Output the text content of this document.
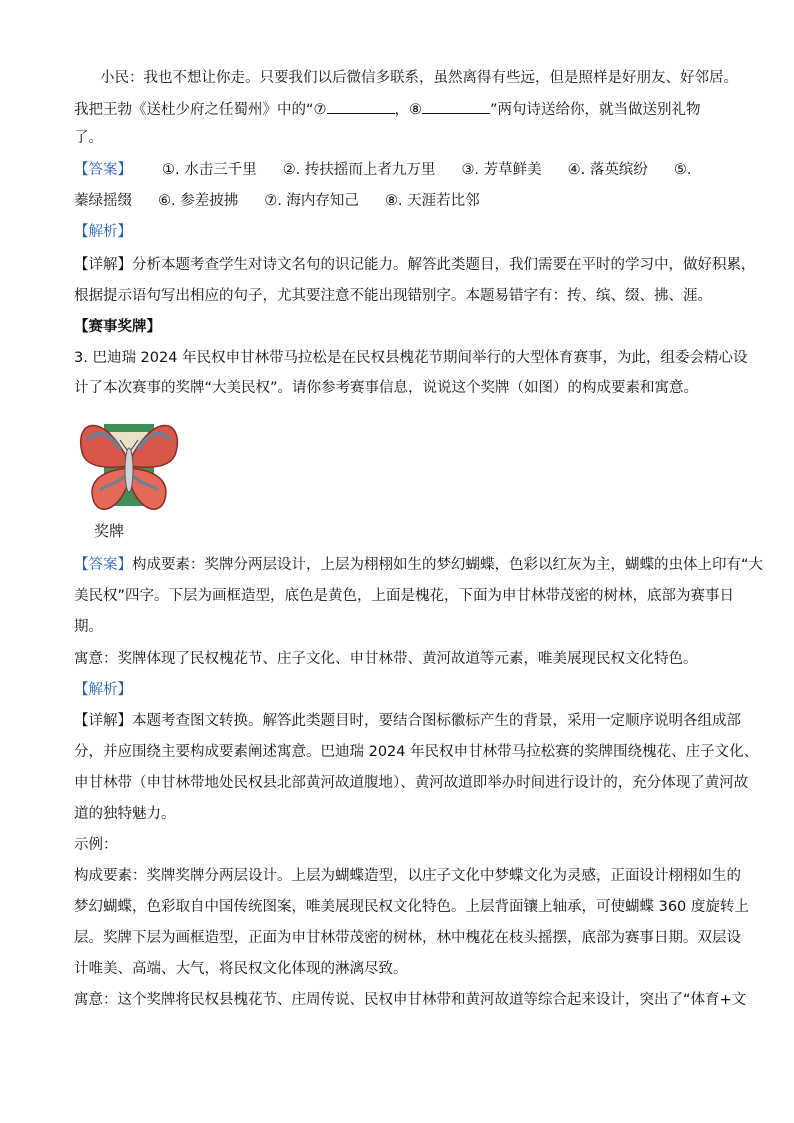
小民：我也不想让你走。只要我们以后微信多联系，虽然离得有些远，但是照样是好朋友、好邻居。
我把王勃《送杜少府之任蜀州》中的“⑦	，⑧	”两句诗送给你，就当做送别礼物
了。
【答案】 ①. 水击三千里 ②. 抟扶摇而上者九万里 ③. 芳草鲜美 ④. 落英缤纷 ⑤.
蓁绿摇缀 ⑥. 参差披拂 ⑦. 海内存知己 ⑧. 天涯若比邻
【解析】
【详解】分析本题考查学生对诗文名句的识记能力。解答此类题目，我们需要在平时的学习中，做好积累，
根据提示语句写出相应的句子，尤其要注意不能出现错别字。本题易错字有：抟、缤、缀、拂、涯。
【赛事奖牌】
3. 巴迪瑞 2024 年民权申甘林带马拉松是在民权县槐花节期间举行的大型体育赛事，为此，组委会精心设
计了本次赛事的奖牌“大美民权”。请你参考赛事信息，说说这个奖牌（如图）的构成要素和寓意。
奖牌
【答案】构成要素：奖牌分两层设计，上层为栩栩如生的梦幻蝴蝶，色彩以红灰为主，蝴蝶的虫体上印有“大
美民权”四字。下层为画框造型，底色是黄色，上面是槐花，下面为申甘林带茂密的树林，底部为赛事日
期。
寓意：奖牌体现了民权槐花节、庄子文化、申甘林带、黄河故道等元素，唯美展现民权文化特色。
【解析】
【详解】本题考查图文转换。解答此类题目时，要结合图标徽标产生的背景，采用一定顺序说明各组成部
分，并应围绕主要构成要素阐述寓意。巴迪瑞 2024 年民权申甘林带马拉松赛的奖牌围绕槐花、庄子文化、
申甘林带（申甘林带地处民权县北部黄河故道腹地）、黄河故道即举办时间进行设计的，充分体现了黄河故
道的独特魅力。
示例：
构成要素：奖牌奖牌分两层设计。上层为蝴蝶造型，以庄子文化中梦蝶文化为灵感，正面设计栩栩如生的
梦幻蝴蝶，色彩取自中国传统图案，唯美展现民权文化特色。上层背面镶上轴承，可使蝴蝶 360 度旋转上
层。奖牌下层为画框造型，正面为申甘林带茂密的树林，林中槐花在枝头摇摆，底部为赛事日期。双层设
计唯美、高端、大气，将民权文化体现的淋漓尽致。
寓意：这个奖牌将民权县槐花节、庄周传说、民权申甘林带和黄河故道等综合起来设计，突出了“体育+文
